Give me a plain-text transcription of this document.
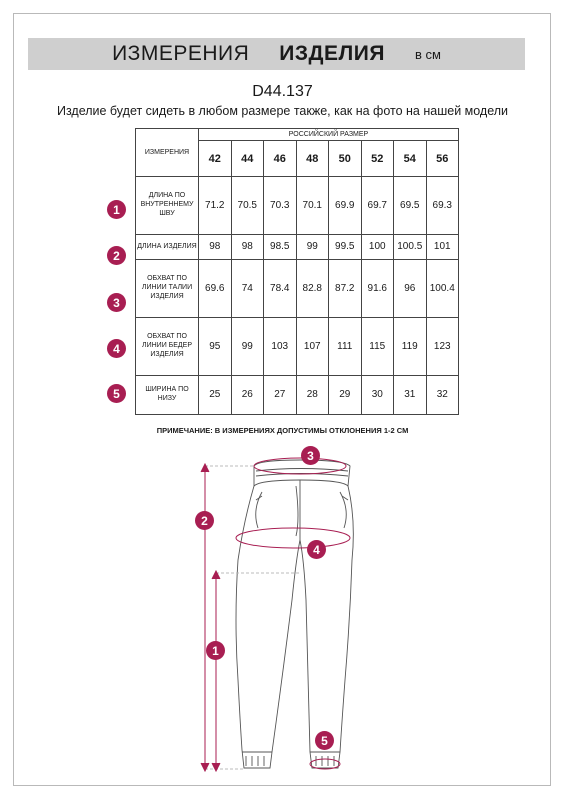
ИЗМЕРЕНИЯ ИЗДЕЛИЯ в см
D44.137
Изделие будет сидеть в любом размере также, как на фото на нашей модели
ИЗМЕРЕНИЯ	РОССИЙСКИЙ РАЗМЕР							
	42	44	46	48	50	52	54	56
ДЛИНА ПО ВНУТРЕННЕМУ ШВУ	71.2	70.5	70.3	70.1	69.9	69.7	69.5	69.3
ДЛИНА ИЗДЕЛИЯ	98	98	98.5	99	99.5	100	100.5	101
ОБХВАТ ПО ЛИНИИ ТАЛИИ ИЗДЕЛИЯ	69.6	74	78.4	82.8	87.2	91.6	96	100.4
ОБХВАТ ПО ЛИНИИ БЕДЕР ИЗДЕЛИЯ	95	99	103	107	111	115	119	123
ШИРИНА ПО НИЗУ	25	26	27	28	29	30	31	32
1
2
3
4
5
ПРИМЕЧАНИЕ: В ИЗМЕРЕНИЯХ ДОПУСТИМЫ ОТКЛОНЕНИЯ 1-2 СМ
3
2
4
1
5
